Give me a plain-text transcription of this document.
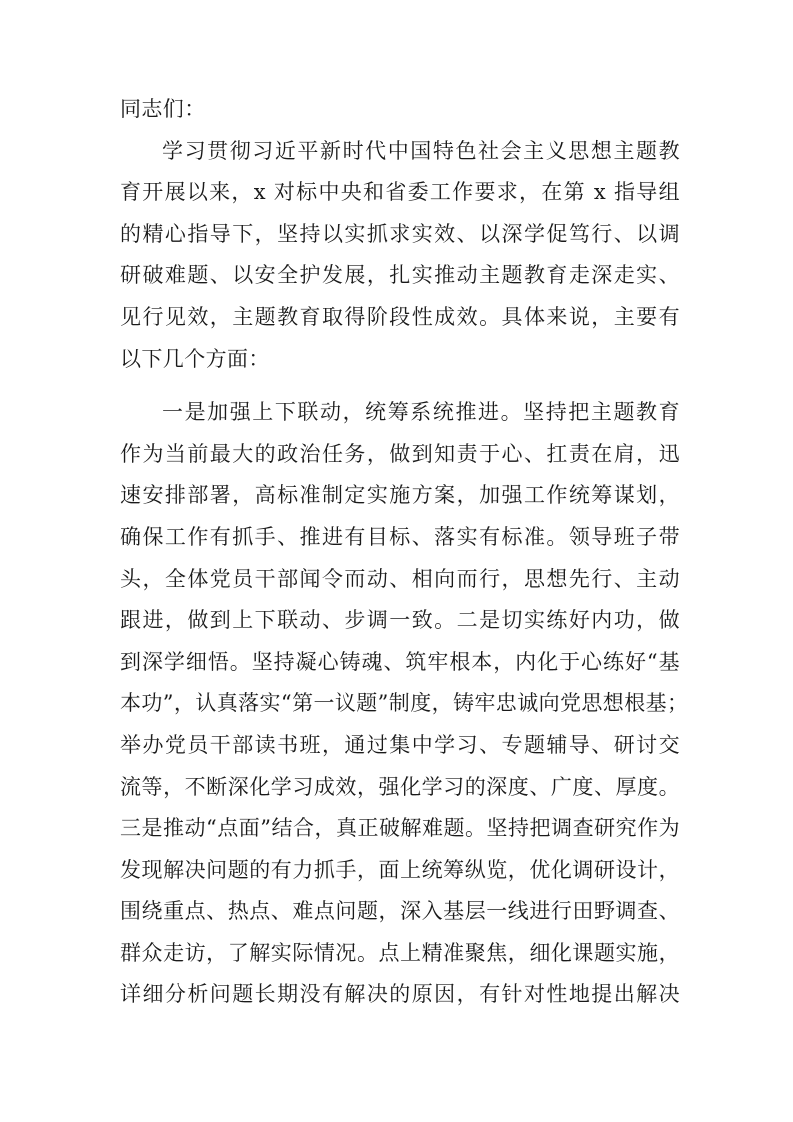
同志们：
学习贯彻习近平新时代中国特色社会主义思想主题教
育开展以来，x 对标中央和省委工作要求，在第 x 指导组
的精心指导下，坚持以实抓求实效、以深学促笃行、以调
研破难题、以安全护发展，扎实推动主题教育走深走实、
见行见效，主题教育取得阶段性成效。具体来说，主要有
以下几个方面：
一是加强上下联动，统筹系统推进。坚持把主题教育
作为当前最大的政治任务，做到知责于心、扛责在肩，迅
速安排部署，高标准制定实施方案，加强工作统筹谋划，
确保工作有抓手、推进有目标、落实有标准。领导班子带
头，全体党员干部闻令而动、相向而行，思想先行、主动
跟进，做到上下联动、步调一致。二是切实练好内功，做
到深学细悟。坚持凝心铸魂、筑牢根本，内化于心练好“基
本功”，认真落实“第一议题”制度，铸牢忠诚向党思想根基；
举办党员干部读书班，通过集中学习、专题辅导、研讨交
流等，不断深化学习成效，强化学习的深度、广度、厚度。
三是推动“点面”结合，真正破解难题。坚持把调查研究作为
发现解决问题的有力抓手，面上统筹纵览，优化调研设计，
围绕重点、热点、难点问题，深入基层一线进行田野调查、
群众走访，了解实际情况。点上精准聚焦，细化课题实施，
详细分析问题长期没有解决的原因，有针对性地提出解决
